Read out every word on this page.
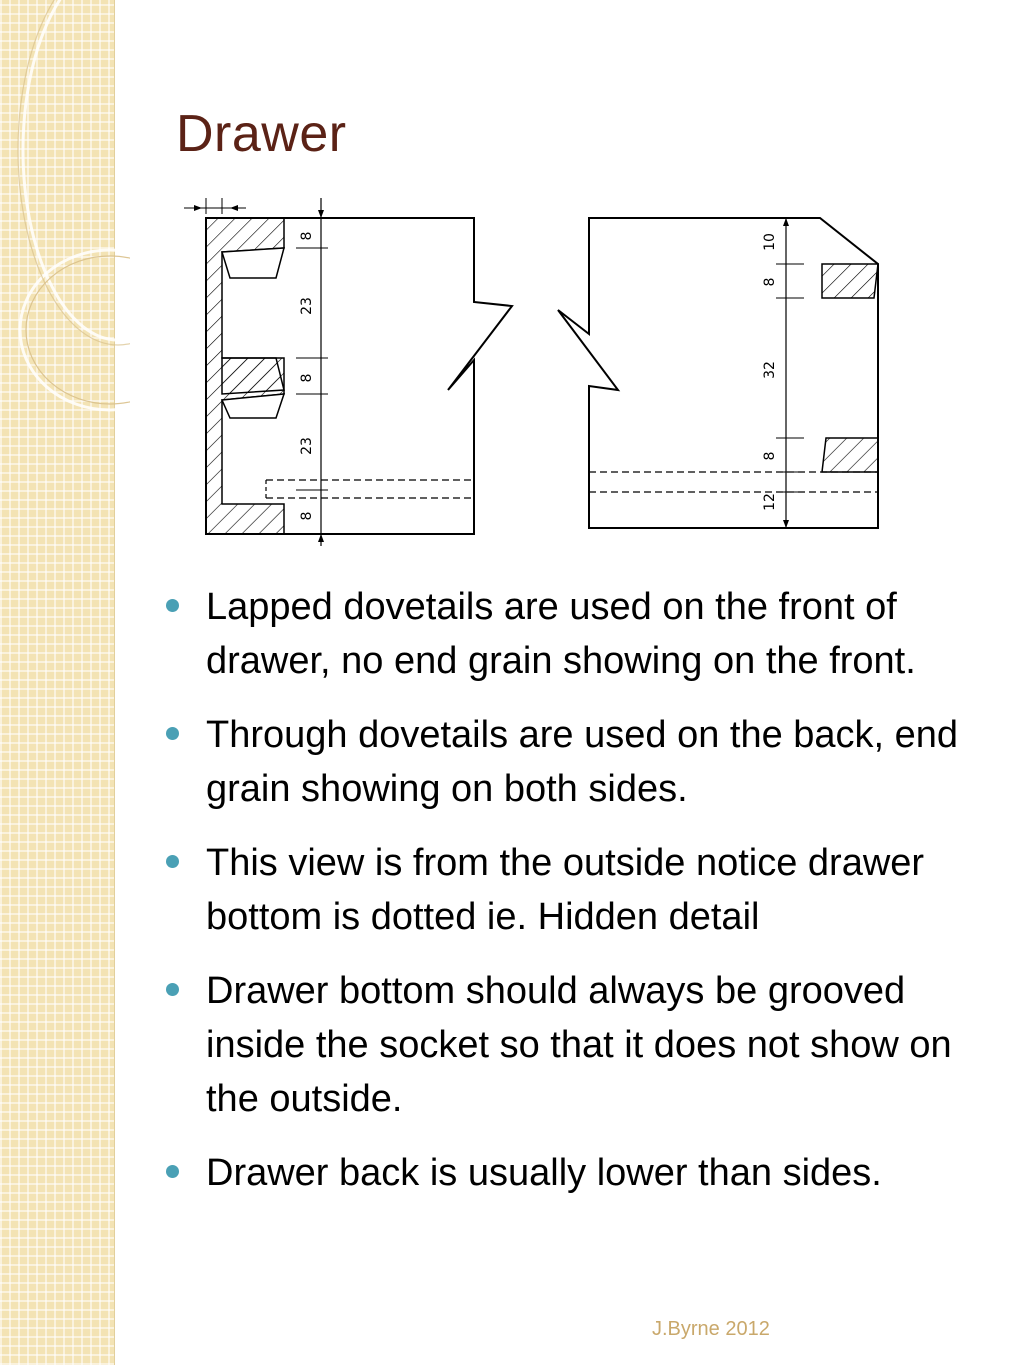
Drawer
8
23
8
23
8
10
8
32
8
12
Lapped dovetails are used on the front of drawer, no end grain showing on the front.
Through dovetails are used on the back, end grain showing on both sides.
This view is from the outside notice drawer bottom is dotted ie. Hidden detail
Drawer bottom should always be grooved inside the socket so that it does not show on the outside.
Drawer back is usually lower than sides.
J.Byrne 2012
